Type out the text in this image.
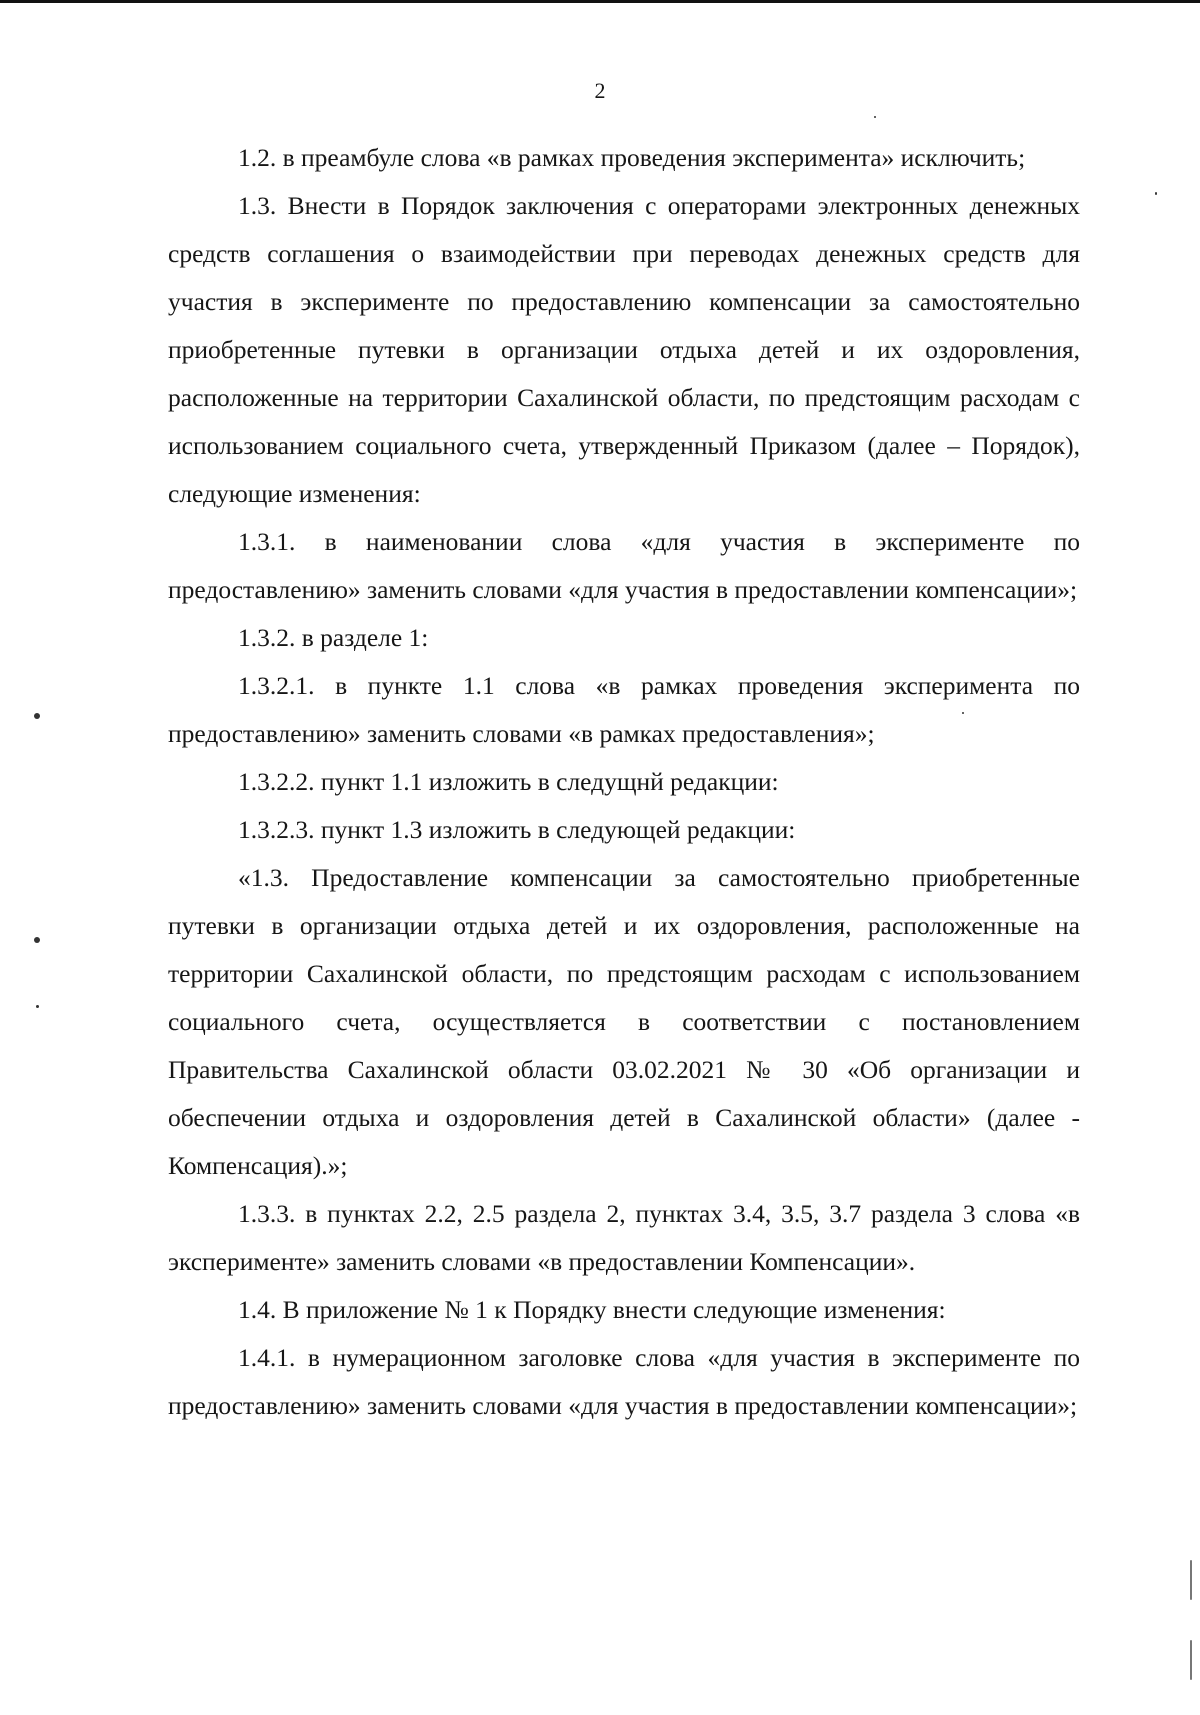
2

1.2. в преамбуле слова «в рамках проведения эксперимента» исключить;

1.3. Внести в Порядок заключения с операторами электронных денежных средств соглашения о взаимодействии при переводах денежных средств для участия в эксперименте по предоставлению компенсации за самостоятельно приобретенные путевки в организации отдыха детей и их оздоровления, расположенные на территории Сахалинской области, по предстоящим расходам с использованием социального счета, утвержденный Приказом (далее – Порядок), следующие изменения:

1.3.1. в наименовании слова «для участия в эксперименте по предоставлению» заменить словами «для участия в предоставлении компенсации»;

1.3.2. в разделе 1:

1.3.2.1. в пункте 1.1 слова «в рамках проведения эксперимента по предоставлению» заменить словами «в рамках предоставления»;

1.3.2.2. пункт 1.1 изложить в следущнй редакции:

1.3.2.3. пункт 1.3 изложить в следующей редакции:

«1.3. Предоставление компенсации за самостоятельно приобретенные путевки в организации отдыха детей и их оздоровления, расположенные на территории Сахалинской области, по предстоящим расходам с использованием социального счета, осуществляется в соответствии с постановлением Правительства Сахалинской области 03.02.2021 № 30 «Об организации и обеспечении отдыха и оздоровления детей в Сахалинской области» (далее - Компенсация).»;

1.3.3. в пунктах 2.2, 2.5 раздела 2, пунктах 3.4, 3.5, 3.7 раздела 3 слова «в эксперименте» заменить словами «в предоставлении Компенсации».

1.4. В приложение № 1 к Порядку внести следующие изменения:

1.4.1. в нумерационном заголовке слова «для участия в эксперименте по предоставлению» заменить словами «для участия в предоставлении компенсации»;
